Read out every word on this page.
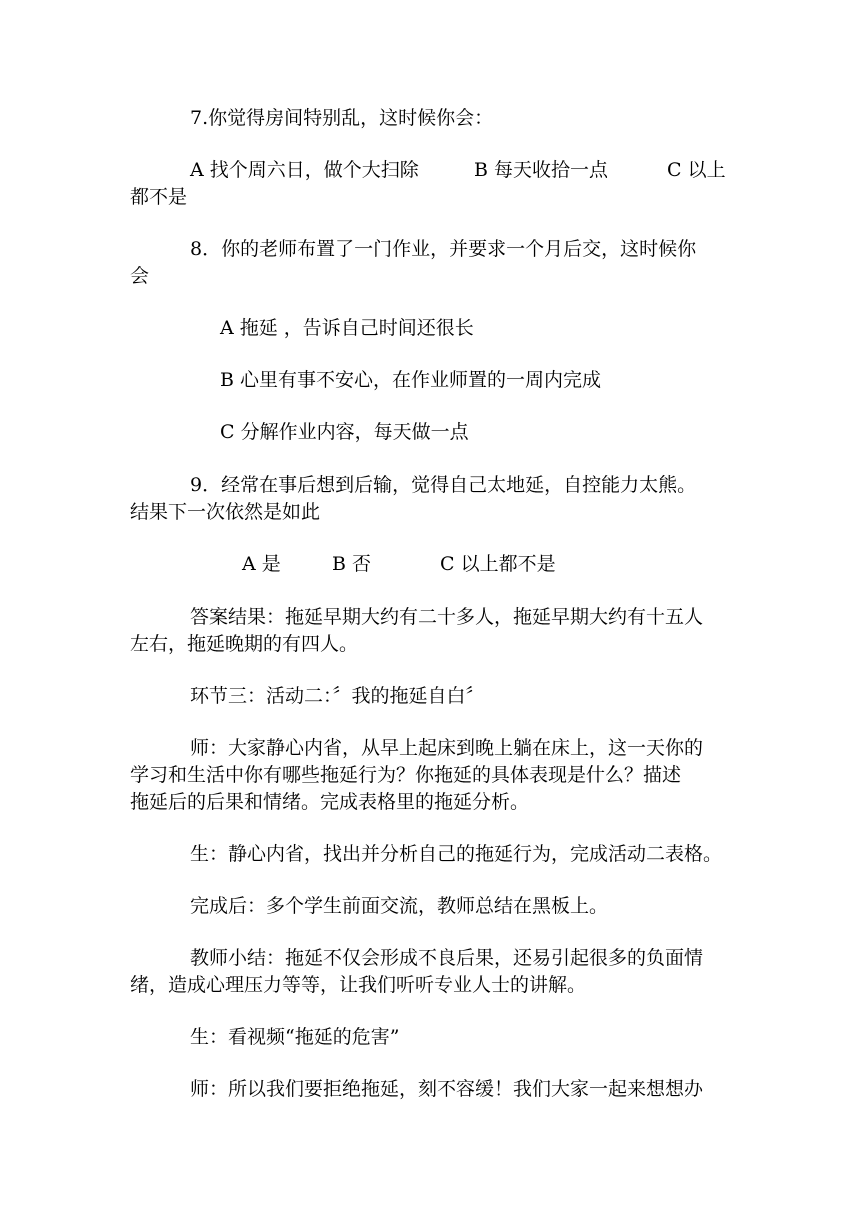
7.你觉得房间特别乱，这时候你会：
A 找个周六日，做个大扫除	B 每天收拾一点	C 以上
都不是
8．你的老师布置了一门作业，并要求一个月后交，这时候你
会
A 拖延 ，告诉自己时间还很长
B 心里有事不安心，在作业师置的一周内完成
C 分解作业内容，每天做一点
9．经常在事后想到后输，觉得自己太地延，自控能力太熊。
结果下一次依然是如此
A 是	B 否	C 以上都不是
答案结果：拖延早期大约有二十多人，拖延早期大约有十五人
左右，拖延晚期的有四人。
环节三：活动二：〞我的拖延自白〞
师：大家静心内省，从早上起床到晚上躺在床上，这一天你的
学习和生活中你有哪些拖延行为？你拖延的具体表现是什么？描述
拖延后的后果和情绪。完成表格里的拖延分析。
生：静心内省，找出并分析自己的拖延行为，完成活动二表格。
完成后：多个学生前面交流，教师总结在黑板上。
教师小结：拖延不仅会形成不良后果，还易引起很多的负面情
绪，造成心理压力等等，让我们听听专业人士的讲解。
生：看视频“拖延的危害”
师：所以我们要拒绝拖延，刻不容缓！我们大家一起来想想办
